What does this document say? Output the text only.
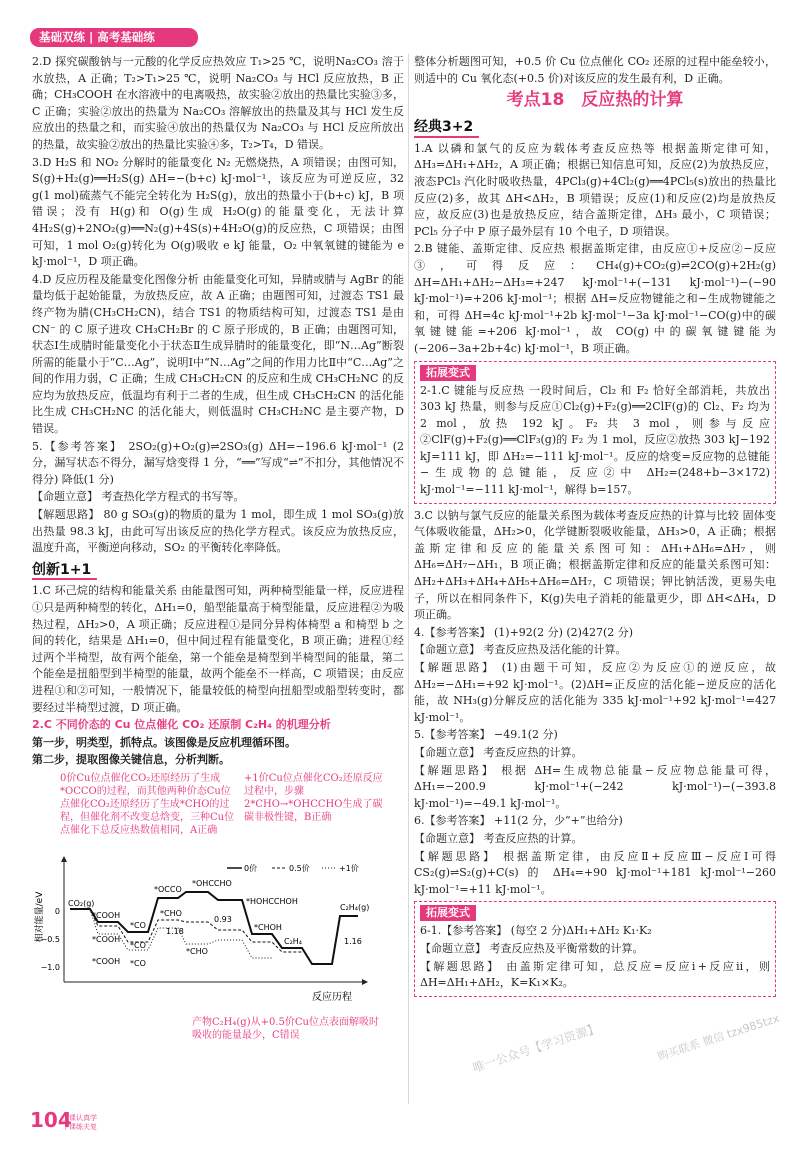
基础双练 | 高考基础练

2.D 探究碳酸钠与一元酸的化学反应热效应 T₁>25 ℃，说明Na₂CO₃ 溶于水放热，A 正确；T₂>T₁>25 ℃，说明 Na₂CO₃ 与 HCl 反应放热，B 正确；CH₃COOH 在水溶液中的电离吸热，故实验②放出的热量比实验③多，C 正确；实验②放出的热量为 Na₂CO₃ 溶解放出的热量及其与 HCl 发生反应放出的热量之和，而实验④放出的热量仅为 Na₂CO₃ 与 HCl 反应所放出的热量，故实验②放出的热量比实验④多，T₂>T₄，D 错误。

3.D H₂S 和 NO₂ 分解时的能量变化 N₂ 无燃烧热，A 项错误；由图可知，S(g)+H₂(g)══H₂S(g) ΔH=−(b+c) kJ·mol⁻¹，该反应为可逆反应，32 g(1 mol)硫蒸气不能完全转化为 H₂S(g)，放出的热量小于(b+c) kJ，B 项错误；没有 H(g)和 O(g)生成 H₂O(g)的能量变化，无法计算 4H₂S(g)+2NO₂(g)══N₂(g)+4S(s)+4H₂O(g)的反应热，C 项错误；由图可知，1 mol O₂(g)转化为 O(g)吸收 e kJ 能量，O₂ 中氧氧键的键能为 e kJ·mol⁻¹，D 项正确。

4.D 反应历程及能量变化图像分析 由能量变化可知，异腈或腈与 AgBr 的能量均低于起始能量，为放热反应，故 A 正确；由题图可知，过渡态 TS1 最终产物为腈(CH₃CH₂CN)，结合 TS1 的物质结构可知，过渡态 TS1 是由 CN⁻ 的 C 原子进攻 CH₃CH₂Br 的 C 原子形成的，B 正确；由题图可知，状态Ⅰ生成腈时能量变化小于状态Ⅱ生成异腈时的能量变化，即“N…Ag”断裂所需的能量小于“C…Ag”，说明Ⅰ中“N…Ag”之间的作用力比Ⅱ中“C…Ag”之间的作用力弱，C 正确；生成 CH₃CH₂CN 的反应和生成 CH₃CH₂NC 的反应均为放热反应，低温均有利于二者的生成，但生成 CH₃CH₂CN 的活化能比生成 CH₃CH₂NC 的活化能大，则低温时 CH₃CH₂NC 是主要产物，D 错误。

5.【参考答案】 2SO₂(g)+O₂(g)⇌2SO₃(g) ΔH=−196.6 kJ·mol⁻¹ (2 分，漏写状态不得分，漏写焓变得 1 分，“══”写成“⇌”不扣分，其他情况不得分) 降低(1 分)

【命题立意】 考查热化学方程式的书写等。

【解题思路】 80 g SO₃(g)的物质的量为 1 mol，即生成 1 mol SO₃(g)放出热量 98.3 kJ，由此可写出该反应的热化学方程式。该反应为放热反应，温度升高，平衡逆向移动，SO₂ 的平衡转化率降低。

创新1+1

1.C 环己烷的结构和能量关系 由能量图可知，两种椅型能量一样，反应进程①只是两种椅型的转化，ΔH₁=0，船型能量高于椅型能量，反应进程②为吸热过程，ΔH₂>0，A 项正确；反应进程①是同分异构体椅型 a 和椅型 b 之间的转化，结果是 ΔH₁=0，但中间过程有能量变化，B 项正确；进程①经过两个半椅型，故有两个能垒，第一个能垒是椅型到半椅型间的能量，第二个能垒是扭船型到半椅型的能量，故两个能垒不一样高，C 项错误；由反应进程①和②可知，一般情况下，能量较低的椅型向扭船型或船型转变时，都要经过半椅型过渡，D 项正确。

2.C 不同价态的 Cu 位点催化 CO₂ 还原制 C₂H₄ 的机理分析

第一步，明类型，抓特点。该图像是反应机理循环图。

第二步，提取图像关键信息，分析判断。

0价Cu位点催化CO₂还原经历了生成*OCCO的过程，而其他两种价态Cu位点催化CO₂还原经历了生成*CHO的过程，但催化剂不改变总焓变，三种Cu位点催化下总反应热数值相同，A正确
+1价Cu位点催化CO₂还原反应过程中，步骤2*CHO→*OHCCHO生成了碳碳非极性键，B正确
相对能量/eV
反应历程
0
−0.5
−1.0
0价	0.5价	+1价
CO₂(g)
*OCCO
*OHCCHO
*HOHCCHOH
*COOH
*CO
*CHO
*CHOH
*COOH
*CO
*COOH *CO
*CHO
C₂H₄
C₂H₄(g)
1.18
0.93
1.16
产物C₂H₄(g)从+0.5价Cu位点表面解吸时吸收的能量最少，C错误

整体分析题图可知，+0.5 价 Cu 位点催化 CO₂ 还原的过程中能垒较小，则适中的 Cu 氧化态(+0.5 价)对该反应的发生最有利，D 正确。

考点18　反应热的计算
经典3+2

1.A 以磷和氯气的反应为载体考查反应热等 根据盖斯定律可知，ΔH₃=ΔH₁+ΔH₂，A 项正确；根据已知信息可知，反应(2)为放热反应，液态PCl₃ 汽化时吸收热量，4PCl₃(g)+4Cl₂(g)══4PCl₅(s)放出的热量比反应(2)多，故其 ΔH<ΔH₂，B 项错误；反应(1)和反应(2)均是放热反应，故反应(3)也是放热反应，结合盖斯定律，ΔH₃ 最小，C 项错误；PCl₅ 分子中 P 原子最外层有 10 个电子，D 项错误。

2.B 键能、盖斯定律、反应热 根据盖斯定律，由反应①+反应②−反应③，可得反应：CH₄(g)+CO₂(g)⇌2CO(g)+2H₂(g) ΔH=ΔH₁+ΔH₂−ΔH₃=+247 kJ·mol⁻¹+(−131 kJ·mol⁻¹)−(−90 kJ·mol⁻¹)=+206 kJ·mol⁻¹；根据 ΔH=反应物键能之和−生成物键能之和，可得 ΔH=4c kJ·mol⁻¹+2b kJ·mol⁻¹−3a kJ·mol⁻¹−CO(g)中的碳氧键键能=+206 kJ·mol⁻¹，故 CO(g)中的碳氧键键能为(−206−3a+2b+4c) kJ·mol⁻¹，B 项正确。

拓展变式

2-1.C 键能与反应热 一段时间后，Cl₂ 和 F₂ 恰好全部消耗，共放出 303 kJ 热量，则参与反应①Cl₂(g)+F₂(g)══2ClF(g)的 Cl₂、F₂ 均为 2 mol，放热 192 kJ。F₂ 共 3 mol，则参与反应②ClF(g)+F₂(g)══ClF₃(g)的 F₂ 为 1 mol，反应②放热 303 kJ−192 kJ=111 kJ，即 ΔH₂=−111 kJ·mol⁻¹。反应的焓变=反应物的总键能−生成物的总键能，反应②中 ΔH₂=(248+b−3×172) kJ·mol⁻¹=−111 kJ·mol⁻¹，解得 b=157。

3.C 以钠与氯气反应的能量关系图为载体考查反应热的计算与比较 固体变气体吸收能量，ΔH₂>0，化学键断裂吸收能量，ΔH₃>0，A 正确；根据盖斯定律和反应的能量关系图可知：ΔH₁+ΔH₆=ΔH₇，则 ΔH₆=ΔH₇−ΔH₁，B 项正确；根据盖斯定律和反应的能量关系图可知：ΔH₂+ΔH₃+ΔH₄+ΔH₅+ΔH₆=ΔH₇，C 项错误；钾比钠活泼，更易失电子，所以在相同条件下，K(g)失电子消耗的能量更少，即 ΔH<ΔH₄，D 项正确。

4.【参考答案】 (1)+92(2 分) (2)427(2 分)

【命题立意】 考查反应热及活化能的计算。

【解题思路】 (1)由题干可知，反应②为反应①的逆反应，故 ΔH₂=−ΔH₁=+92 kJ·mol⁻¹。(2)ΔH=正反应的活化能−逆反应的活化能，故 NH₃(g)分解反应的活化能为 335 kJ·mol⁻¹+92 kJ·mol⁻¹=427 kJ·mol⁻¹。

5.【参考答案】 −49.1(2 分)

【命题立意】 考查反应热的计算。

【解题思路】 根据 ΔH=生成物总能量−反应物总能量可得，ΔH₁=−200.9 kJ·mol⁻¹+(−242 kJ·mol⁻¹)−(−393.8 kJ·mol⁻¹)=−49.1 kJ·mol⁻¹。

6.【参考答案】 +11(2 分，少“+”也给分)

【命题立意】 考查反应热的计算。

【解题思路】 根据盖斯定律，由反应Ⅱ+反应Ⅲ−反应Ⅰ可得 CS₂(g)⇌S₂(g)+C(s) 的 ΔH₄=+90 kJ·mol⁻¹+181 kJ·mol⁻¹−260 kJ·mol⁻¹=+11 kJ·mol⁻¹。

拓展变式

6-1.【参考答案】 (每空 2 分)ΔH₁+ΔH₂ K₁·K₂

【命题立意】 考查反应热及平衡常数的计算。

【解题思路】 由盖斯定律可知，总反应=反应ⅰ+反应ⅱ，则 ΔH=ΔH₁+ΔH₂，K=K₁×K₂。

104
上课认真学 下课练夫复
唯一公众号【学习资源】	购买联系 微信 tzx985tzx
